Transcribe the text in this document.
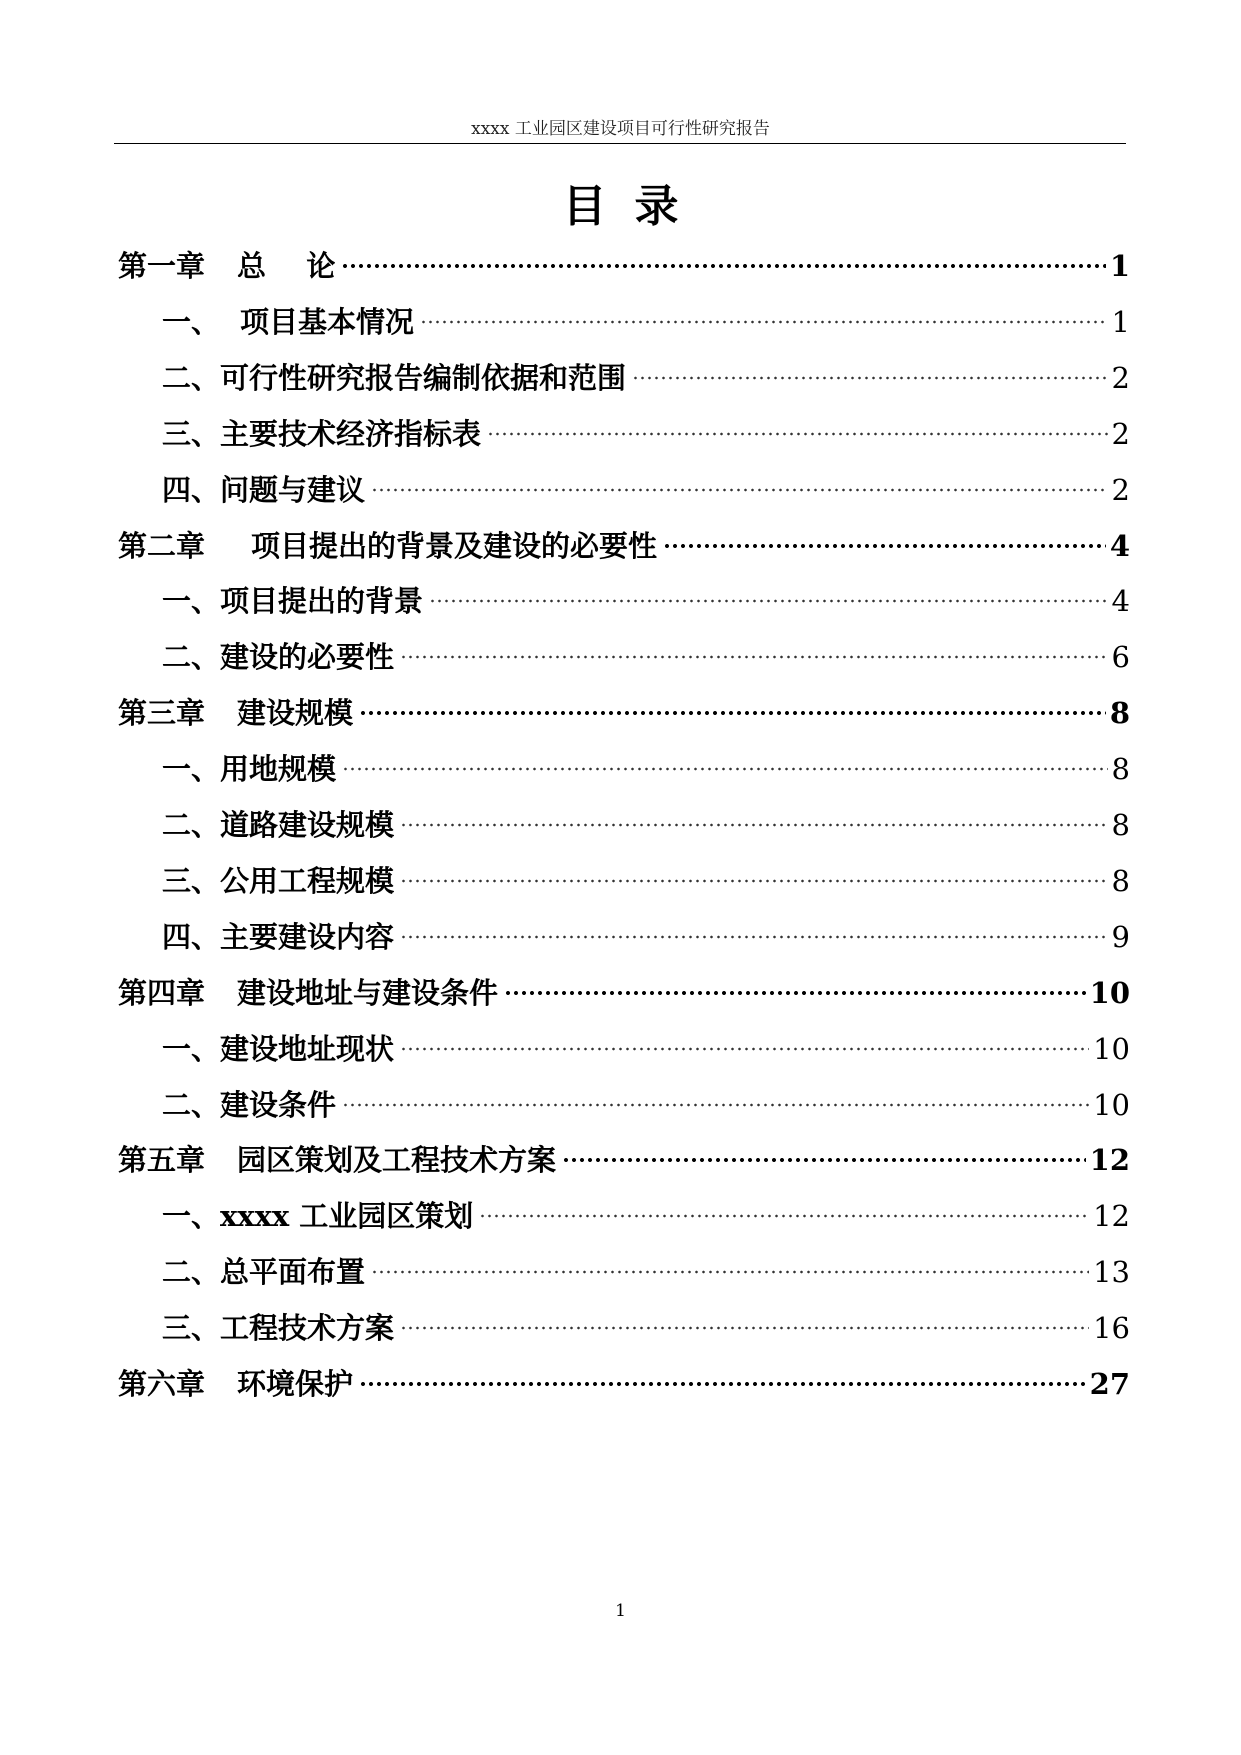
xxxx 工业园区建设项目可行性研究报告
目录
第一章 总    论	1
一、 项目基本情况	1
二、 可行性研究报告编制依据和范围	2
三、 主要技术经济指标表	2
四、 问题与建议	2
第二章 项目提出的背景及建设的必要性	4
一、 项目提出的背景	4
二、 建设的必要性	6
第三章 建设规模	8
一、 用地规模	8
二、 道路建设规模	8
三、 公用工程规模	8
四、 主要建设内容	9
第四章 建设地址与建设条件	10
一、 建设地址现状	10
二、 建设条件	10
第五章 园区策划及工程技术方案	12
一、 xxxx 工业园区策划	12
二、 总平面布置	13
三、 工程技术方案	16
第六章 环境保护	27
1
